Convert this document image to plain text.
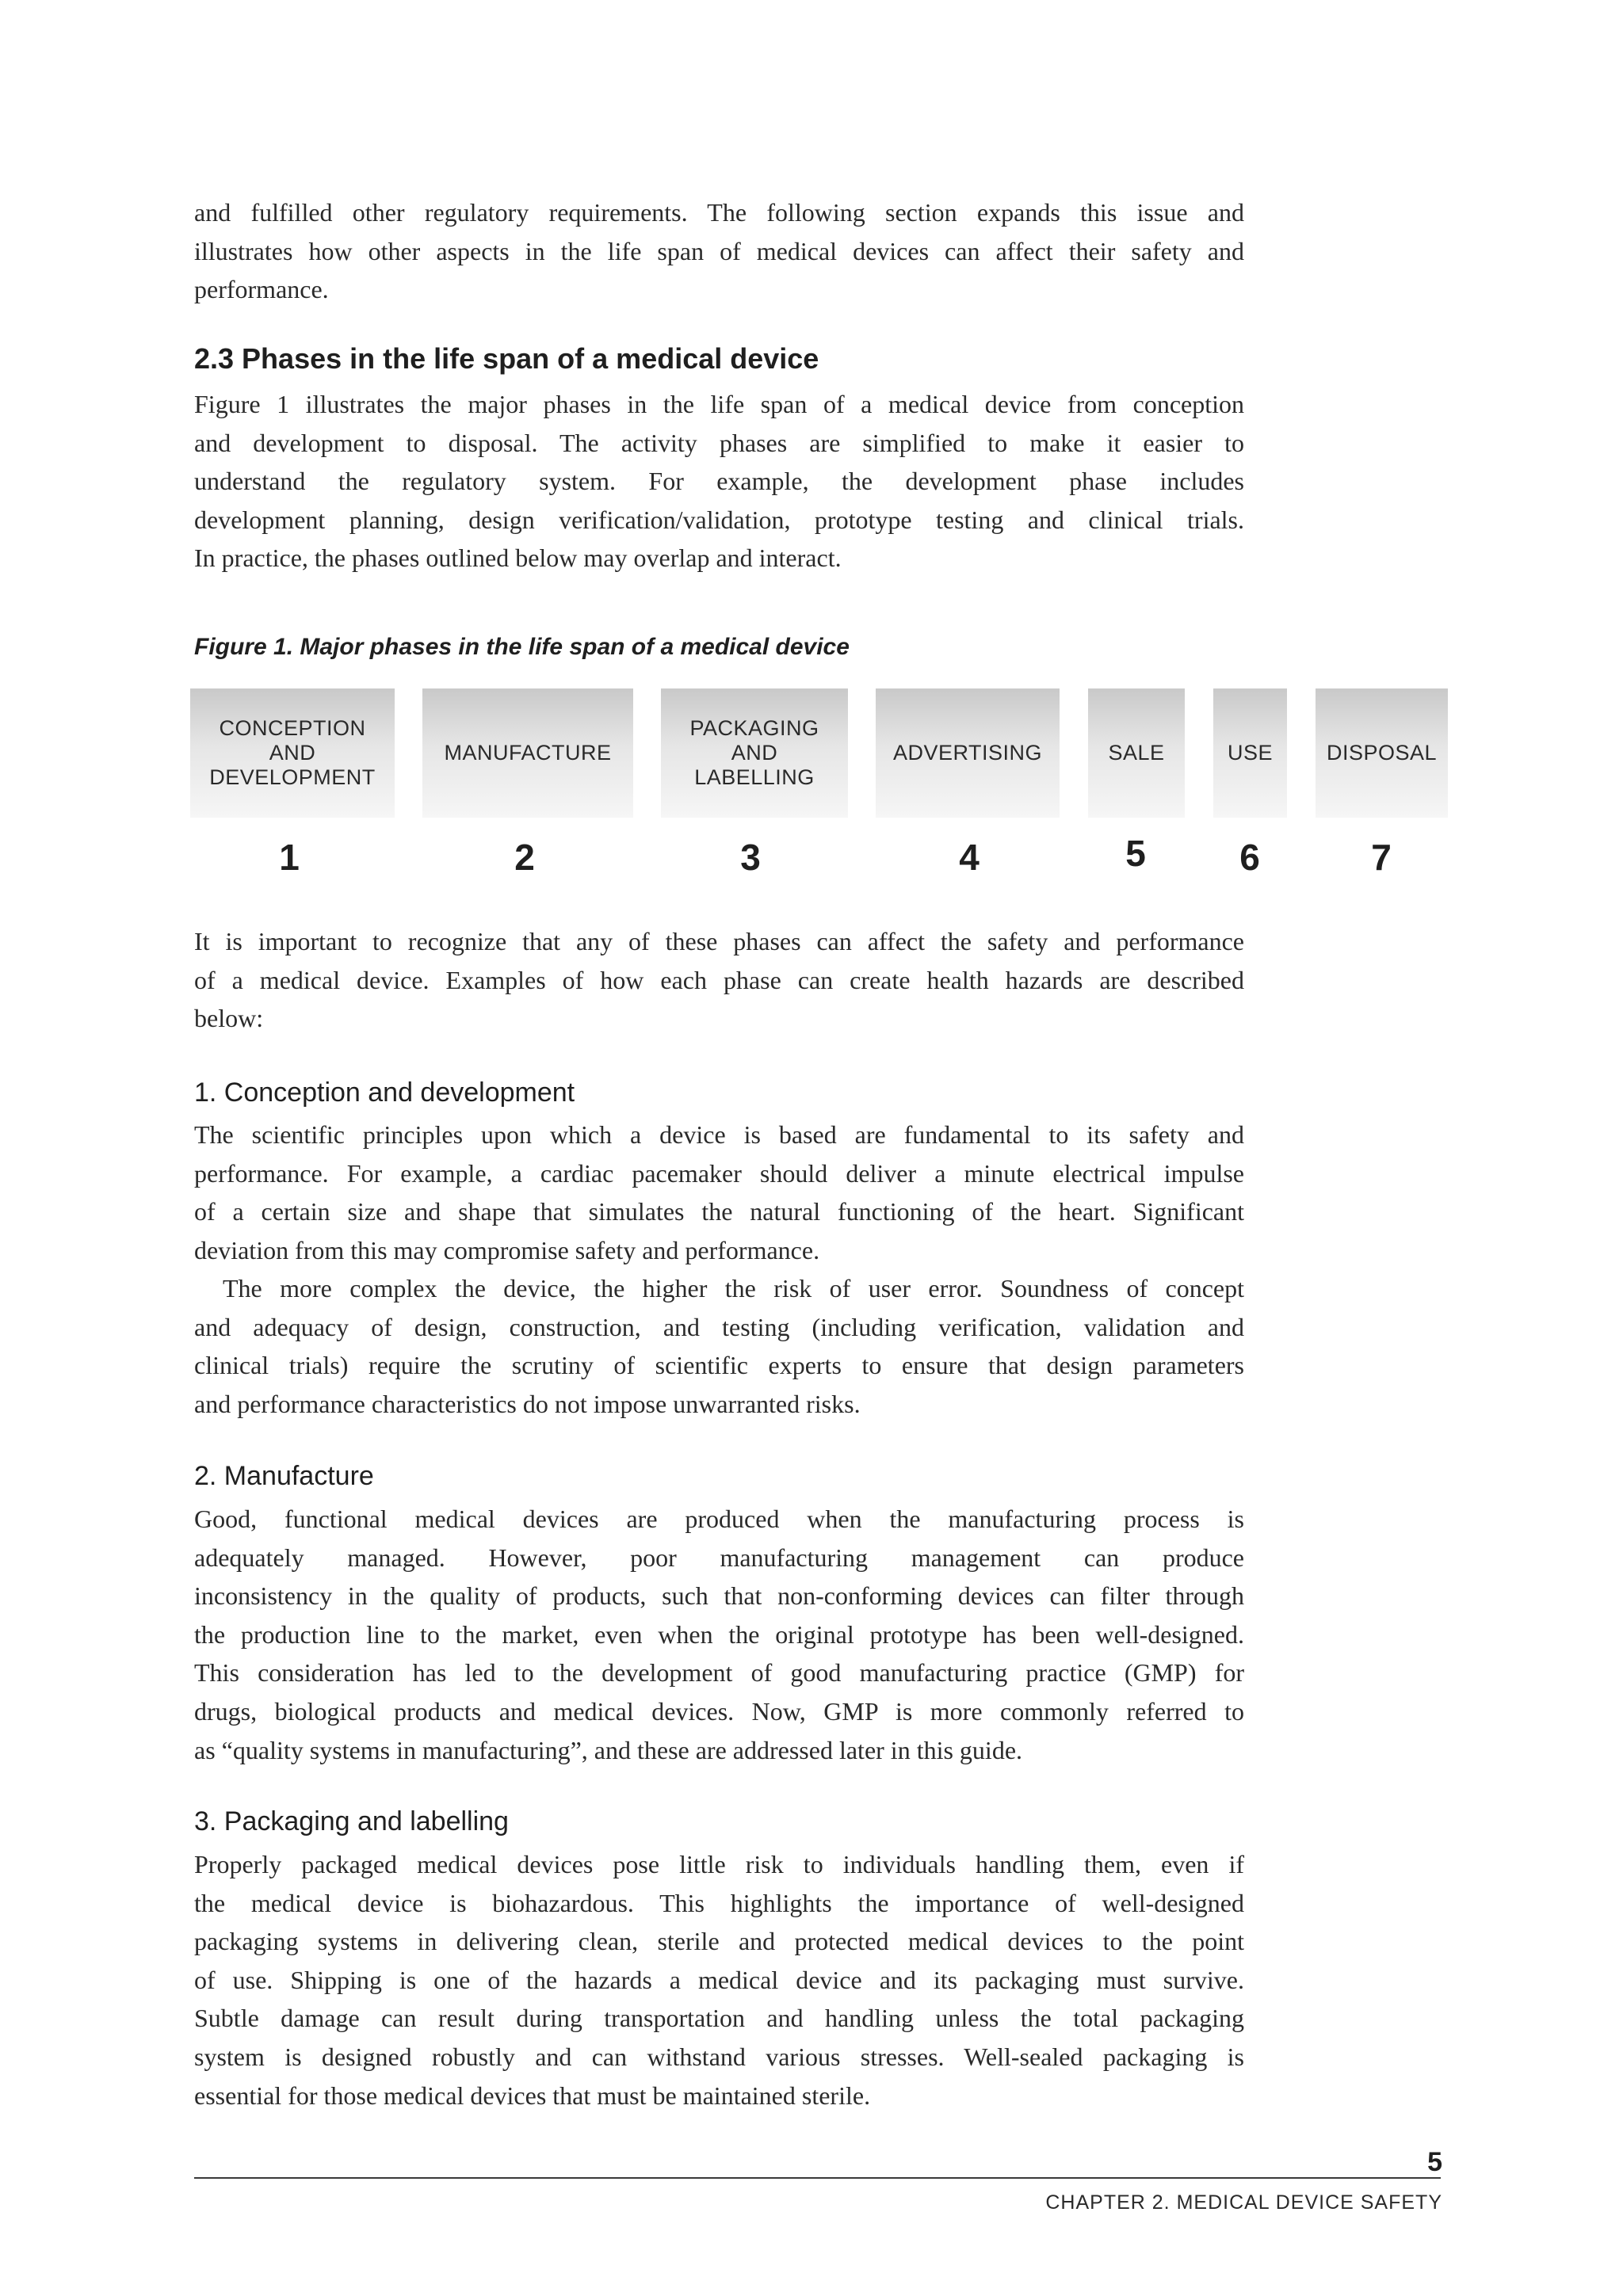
and fulfilled other regulatory requirements. The following section expands this issue and
illustrates how other aspects in the life span of medical devices can affect their safety and
performance.
2.3 Phases in the life span of a medical device
Figure 1 illustrates the major phases in the life span of a medical device from conception
and development to disposal. The activity phases are simplified to make it easier to
understand the regulatory system. For example, the development phase includes
development planning, design verification/validation, prototype testing and clinical trials.
In practice, the phases outlined below may overlap and interact.
Figure 1. Major phases in the life span of a medical device
CONCEPTION
AND
DEVELOPMENT
MANUFACTURE
PACKAGING
AND
LABELLING
ADVERTISING	SALE	USE	DISPOSAL
1	2	3	4	5	6	7
It is important to recognize that any of these phases can affect the safety and performance
of a medical device. Examples of how each phase can create health hazards are described
below:
1. Conception and development
The scientific principles upon which a device is based are fundamental to its safety and
performance. For example, a cardiac pacemaker should deliver a minute electrical impulse
of a certain size and shape that simulates the natural functioning of the heart. Significant
deviation from this may compromise safety and performance.
The more complex the device, the higher the risk of user error. Soundness of concept
and adequacy of design, construction, and testing (including verification, validation and
clinical trials) require the scrutiny of scientific experts to ensure that design parameters
and performance characteristics do not impose unwarranted risks.
2. Manufacture
Good, functional medical devices are produced when the manufacturing process is
adequately managed. However, poor manufacturing management can produce
inconsistency in the quality of products, such that non-conforming devices can filter through
the production line to the market, even when the original prototype has been well-designed.
This consideration has led to the development of good manufacturing practice (GMP) for
drugs, biological products and medical devices. Now, GMP is more commonly referred to
as “quality systems in manufacturing”, and these are addressed later in this guide.
3. Packaging and labelling
Properly packaged medical devices pose little risk to individuals handling them, even if
the medical device is biohazardous. This highlights the importance of well-designed
packaging systems in delivering clean, sterile and protected medical devices to the point
of use. Shipping is one of the hazards a medical device and its packaging must survive.
Subtle damage can result during transportation and handling unless the total packaging
system is designed robustly and can withstand various stresses. Well-sealed packaging is
essential for those medical devices that must be maintained sterile.
5
CHAPTER 2. MEDICAL DEVICE SAFETY
